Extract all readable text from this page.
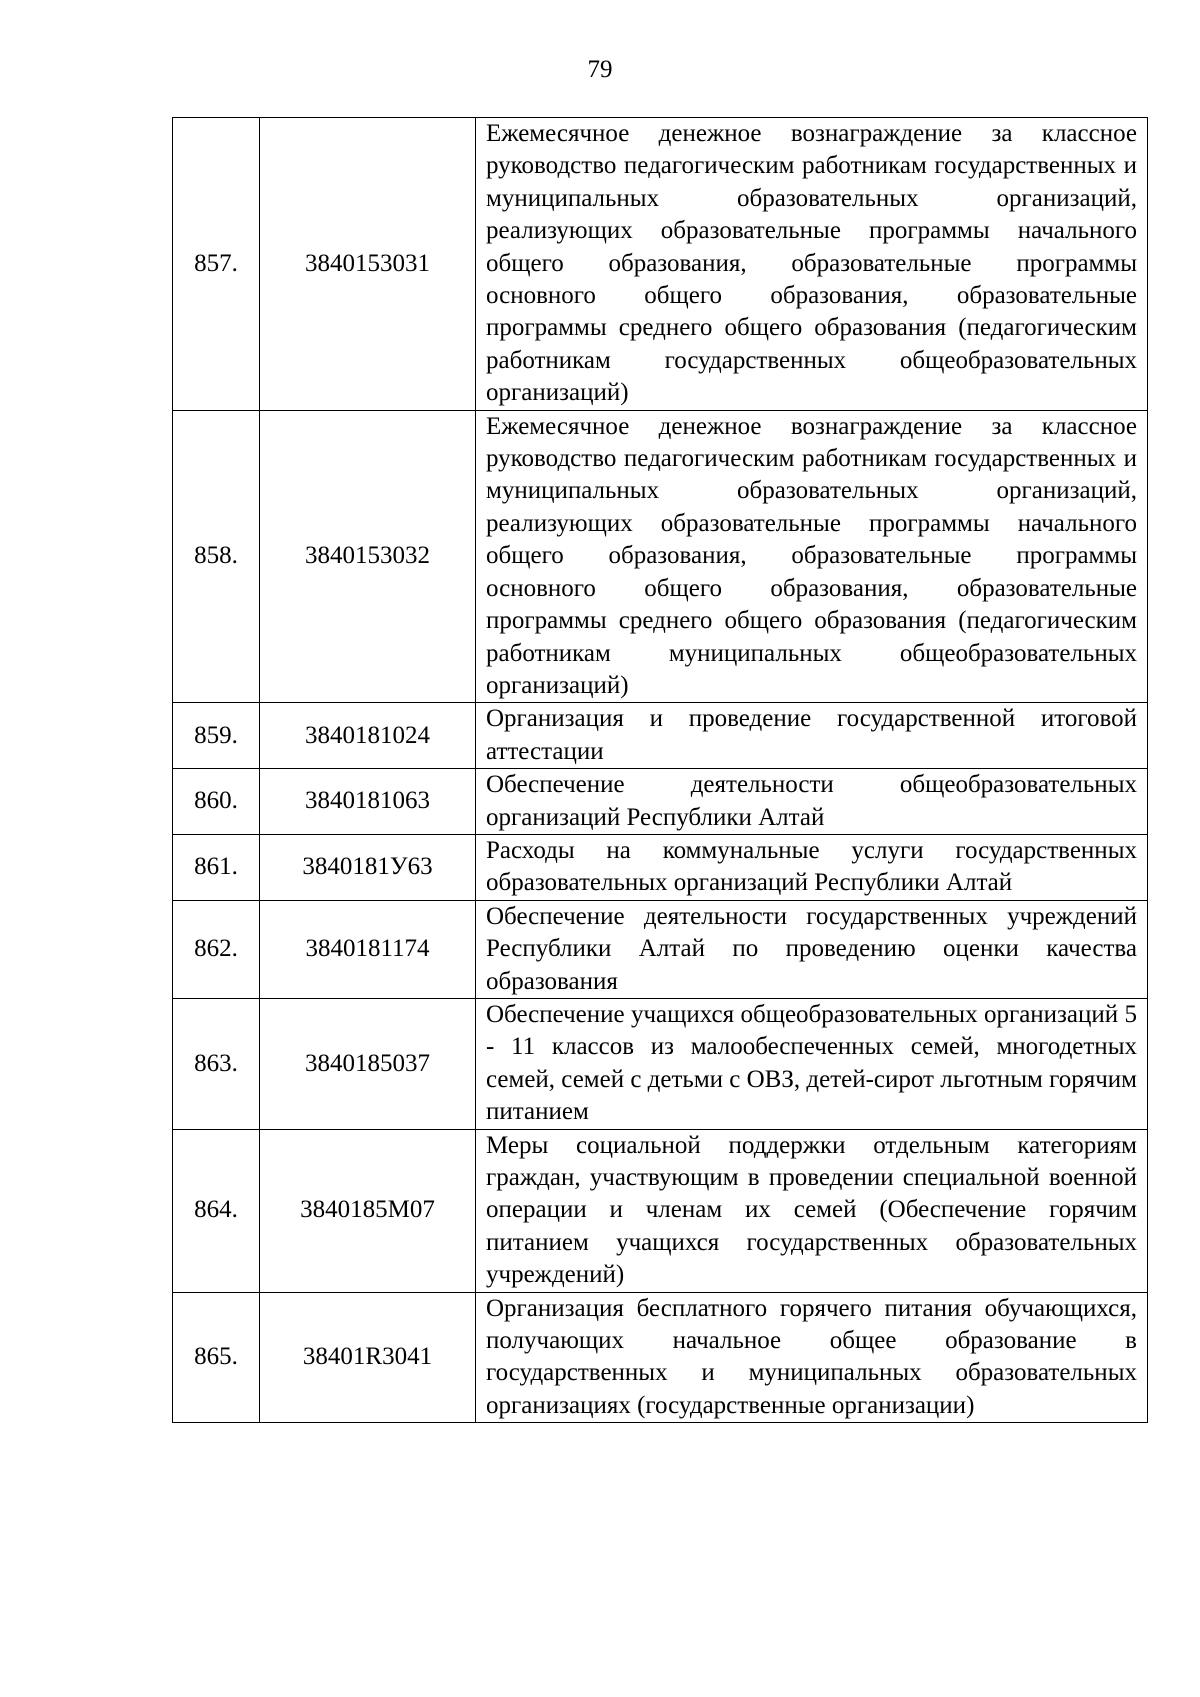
79
857.	3840153031	Ежемесячное денежное вознаграждение за классное руководство педагогическим работникам государственных и муниципальных образовательных организаций, реализующих образовательные программы начального общего образования, образовательные программы основного общего образования, образовательные программы среднего общего образования (педагогическим работникам государственных общеобразовательных организаций)
858.	3840153032	Ежемесячное денежное вознаграждение за классное руководство педагогическим работникам государственных и муниципальных образовательных организаций, реализующих образовательные программы начального общего образования, образовательные программы основного общего образования, образовательные программы среднего общего образования (педагогическим работникам муниципальных общеобразовательных организаций)
859.	3840181024	Организация и проведение государственной итоговой аттестации
860.	3840181063	Обеспечение деятельности общеобразовательных организаций Республики Алтай
861.	3840181У63	Расходы на коммунальные услуги государственных образовательных организаций Республики Алтай
862.	3840181174	Обеспечение деятельности государственных учреждений Республики Алтай по проведению оценки качества образования
863.	3840185037	Обеспечение учащихся общеобразовательных организаций 5 - 11 классов из малообеспеченных семей, многодетных семей, семей с детьми с ОВЗ, детей-сирот льготным горячим питанием
864.	3840185М07	Меры социальной поддержки отдельным категориям граждан, участвующим в проведении специальной военной операции и членам их семей (Обеспечение горячим питанием учащихся государственных образовательных учреждений)
865.	38401R3041	Организация бесплатного горячего питания обучающихся, получающих начальное общее образование в государственных и муниципальных образовательных организациях (государственные организации)
